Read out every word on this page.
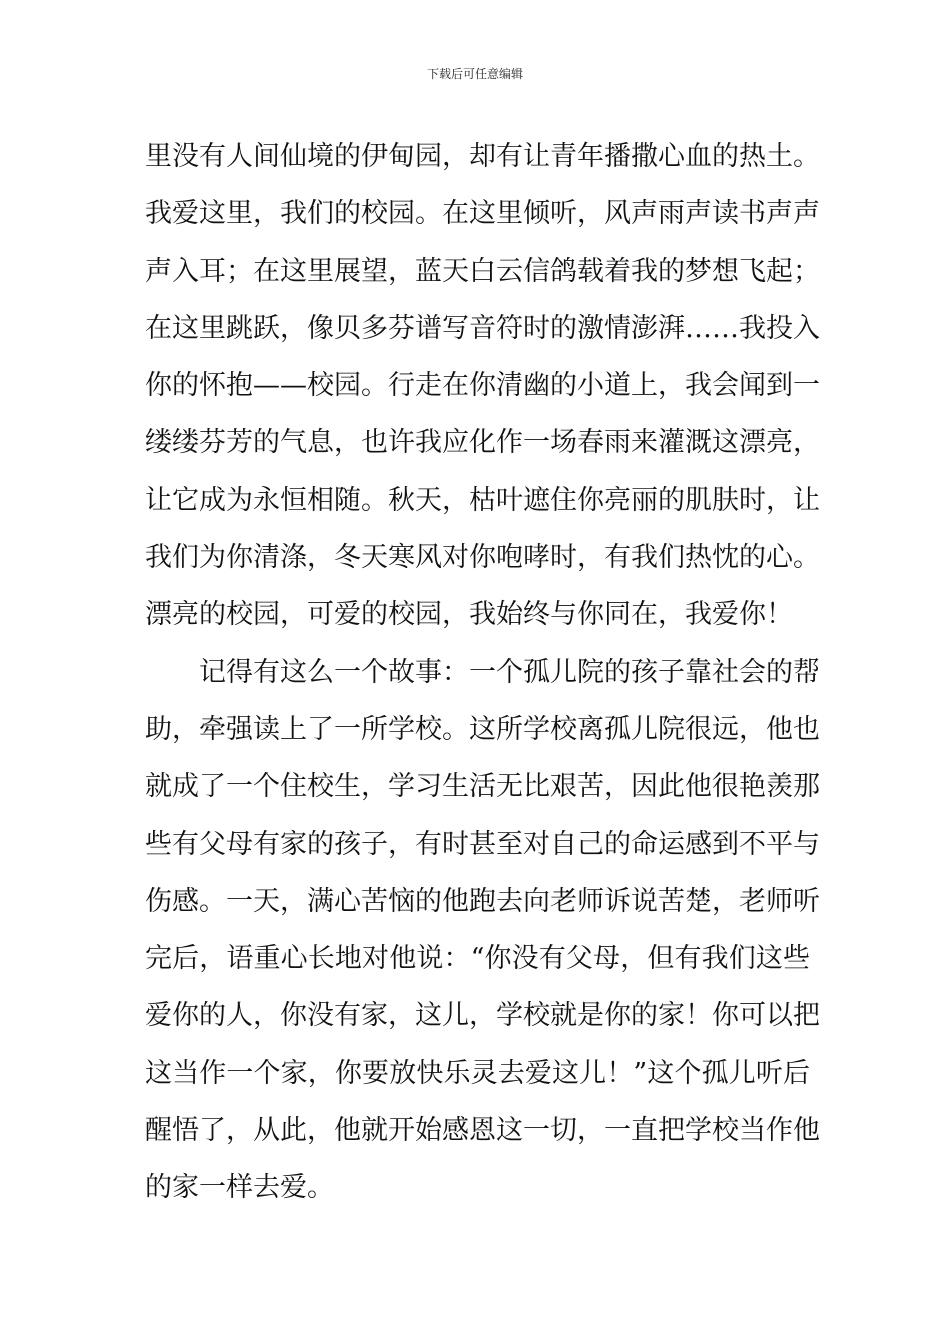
下载后可任意编辑
里没有人间仙境的伊甸园，却有让青年播撒心血的热土。
我爱这里，我们的校园。在这里倾听，风声雨声读书声声
声入耳；在这里展望，蓝天白云信鸽载着我的梦想飞起；
在这里跳跃，像贝多芬谱写音符时的激情澎湃……我投入
你的怀抱——校园。行走在你清幽的小道上，我会闻到一
缕缕芬芳的气息，也许我应化作一场春雨来灌溉这漂亮，
让它成为永恒相随。秋天，枯叶遮住你亮丽的肌肤时，让
我们为你清涤，冬天寒风对你咆哮时，有我们热忱的心。
漂亮的校园，可爱的校园，我始终与你同在，我爱你！
记得有这么一个故事：一个孤儿院的孩子靠社会的帮
助，牵强读上了一所学校。这所学校离孤儿院很远，他也
就成了一个住校生，学习生活无比艰苦，因此他很艳羡那
些有父母有家的孩子，有时甚至对自己的命运感到不平与
伤感。一天，满心苦恼的他跑去向老师诉说苦楚，老师听
完后，语重心长地对他说：“你没有父母，但有我们这些
爱你的人，你没有家，这儿，学校就是你的家！你可以把
这当作一个家，你要放快乐灵去爱这儿！”这个孤儿听后
醒悟了，从此，他就开始感恩这一切，一直把学校当作他
的家一样去爱。
